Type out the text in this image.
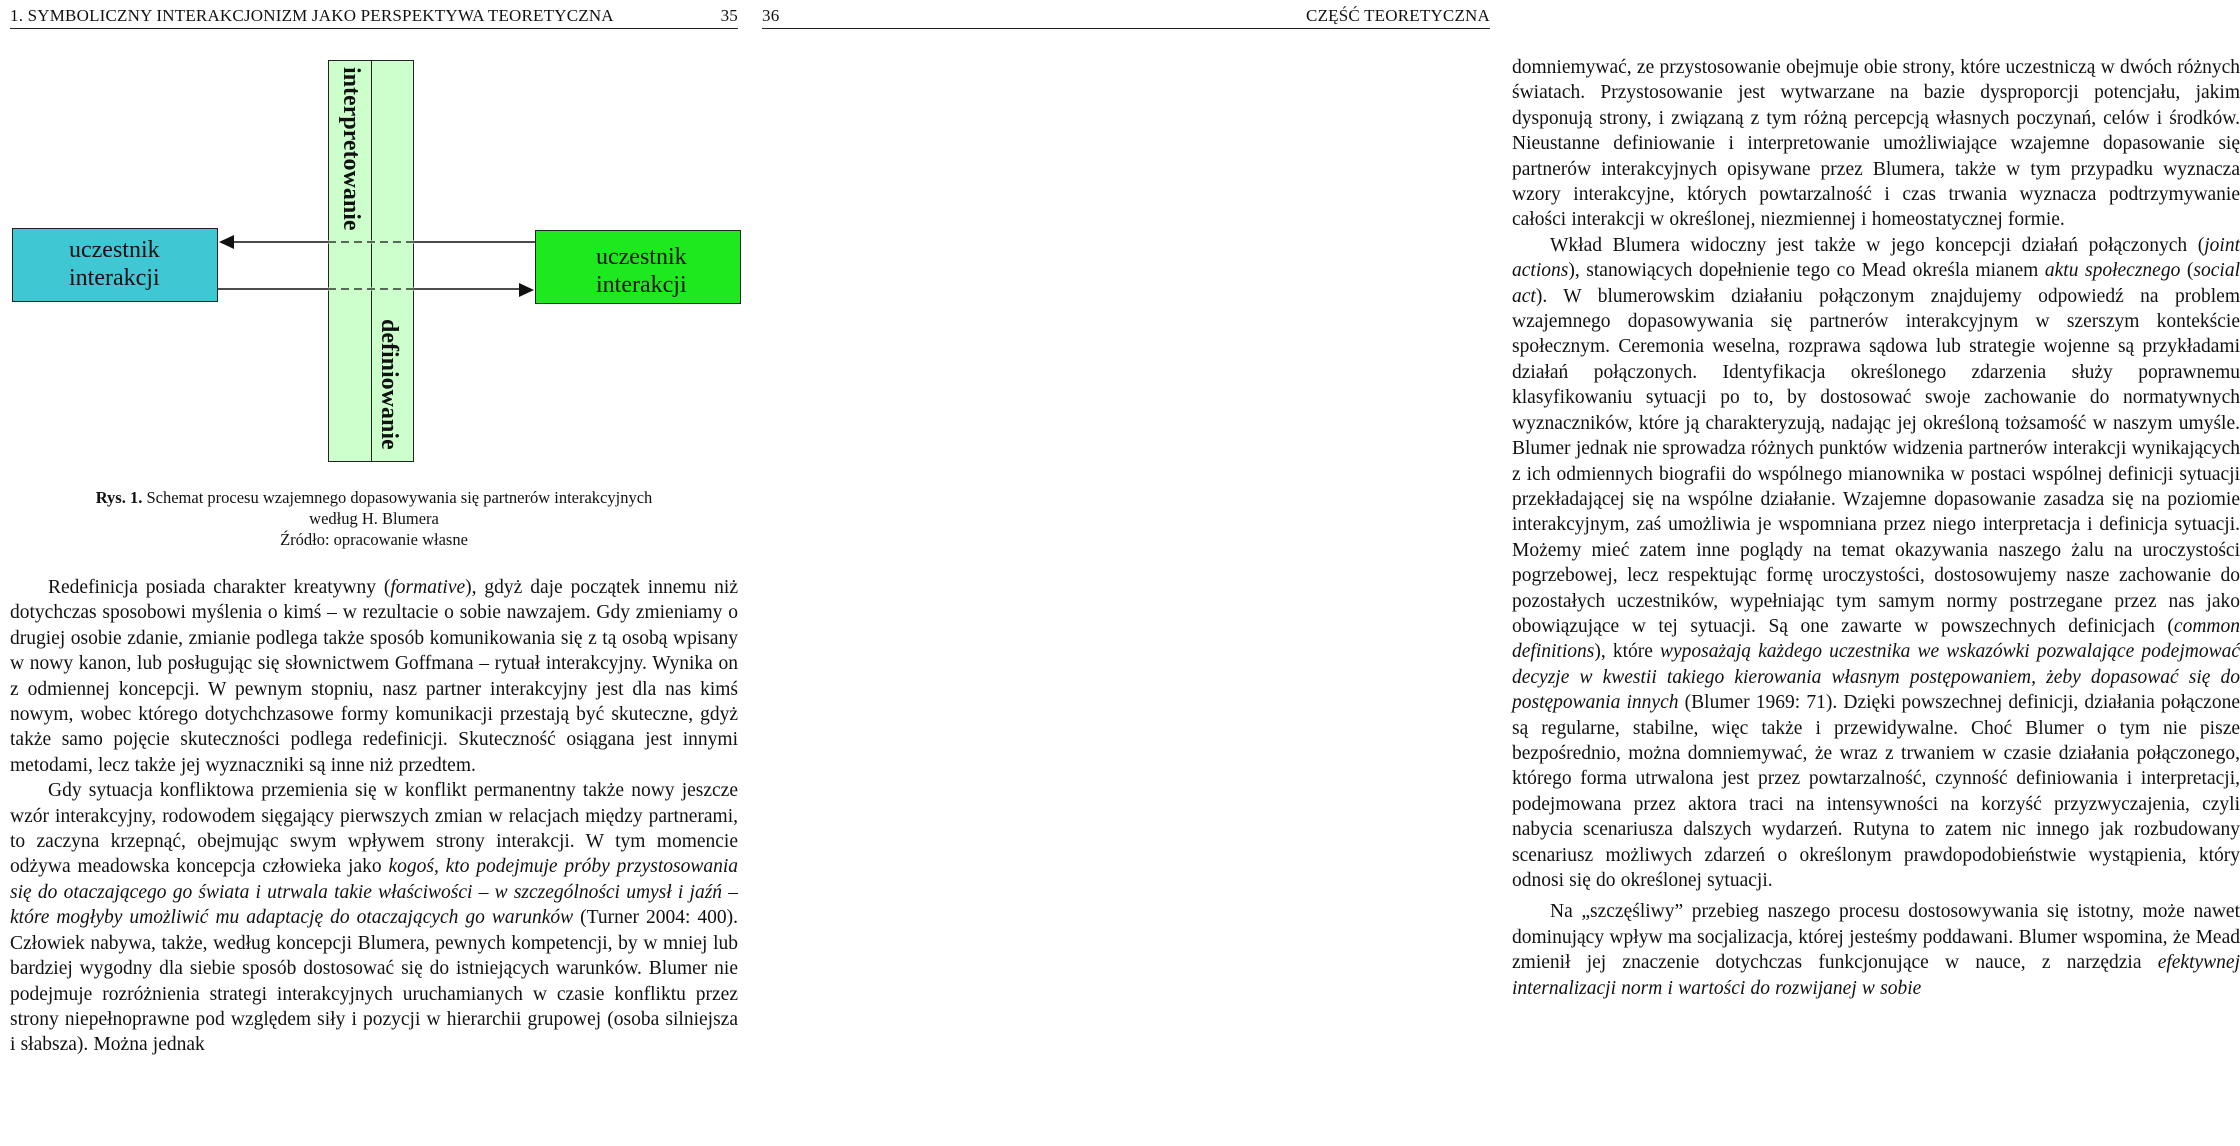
1. SYMBOLICZNY INTERAKCJONIZM JAKO PERSPEKTYWA TEORETYCZNA	35
interpretowanie
definiowanie
uczestnik interakcji
uczestnik interakcji
Rys. 1. Schemat procesu wzajemnego dopasowywania się partnerów interakcyjnych
według H. Blumera
Źródło: opracowanie własne

Redefinicja posiada charakter kreatywny (formative), gdyż daje początek innemu niż dotychczas sposobowi myślenia o kimś – w rezultacie o sobie nawzajem. Gdy zmieniamy o drugiej osobie zdanie, zmianie podlega także sposób komunikowania się z tą osobą wpisany w nowy kanon, lub posługując się słownictwem Goffmana – rytuał interakcyjny. Wynika on z odmiennej koncepcji. W pewnym stopniu, nasz partner interakcyjny jest dla nas kimś nowym, wobec którego dotychchzasowe formy komunikacji przestają być skuteczne, gdyż także samo pojęcie skuteczności podlega redefinicji. Skuteczność osiągana jest innymi metodami, lecz także jej wyznaczniki są inne niż przedtem.

Gdy sytuacja konfliktowa przemienia się w konflikt permanentny także nowy jeszcze wzór interakcyjny, rodowodem sięgający pierwszych zmian w relacjach między partnerami, to zaczyna krzepnąć, obejmując swym wpływem strony interakcji. W tym momencie odżywa meadowska koncepcja człowieka jako kogoś, kto podejmuje próby przystosowania się do otaczającego go świata i utrwala takie właściwości – w szczególności umysł i jaźń – które mogłyby umożliwić mu adaptację do otaczających go warunków (Turner 2004: 400). Człowiek nabywa, także, według koncepcji Blumera, pewnych kompetencji, by w mniej lub bardziej wygodny dla siebie sposób dostosować się do istniejących warunków. Blumer nie podejmuje rozróżnienia strategi interakcyjnych uruchamianych w czasie konfliktu przez strony niepełnoprawne pod względem siły i pozycji w hierarchii grupowej (osoba silniejsza i słabsza). Można jednak

36	CZĘŚĆ TEORETYCZNA

domniemywać, ze przystosowanie obejmuje obie strony, które uczestniczą w dwóch różnych światach. Przystosowanie jest wytwarzane na bazie dysproporcji potencjału, jakim dysponują strony, i związaną z tym różną percepcją własnych poczynań, celów i środków. Nieustanne definiowanie i interpretowanie umożliwiające wzajemne dopasowanie się partnerów interakcyjnych opisywane przez Blumera, także w tym przypadku wyznacza wzory interakcyjne, których powtarzalność i czas trwania wyznacza podtrzymywanie całości interakcji w określonej, niezmiennej i homeostatycznej formie.

Wkład Blumera widoczny jest także w jego koncepcji działań połączonych (joint actions), stanowiących dopełnienie tego co Mead określa mianem aktu społecznego (social act). W blumerowskim działaniu połączonym znajdujemy odpowiedź na problem wzajemnego dopasowywania się partnerów interakcyjnym w szerszym kontekście społecznym. Ceremonia weselna, rozprawa sądowa lub strategie wojenne są przykładami działań połączonych. Identyfikacja określonego zdarzenia służy poprawnemu klasyfikowaniu sytuacji po to, by dostosować swoje zachowanie do normatywnych wyznaczników, które ją charakteryzują, nadając jej określoną tożsamość w naszym umyśle. Blumer jednak nie sprowadza różnych punktów widzenia partnerów interakcji wynikających z ich odmiennych biografii do wspólnego mianownika w postaci wspólnej definicji sytuacji przekładającej się na wspólne działanie. Wzajemne dopasowanie zasadza się na poziomie interakcyjnym, zaś umożliwia je wspomniana przez niego interpretacja i definicja sytuacji. Możemy mieć zatem inne poglądy na temat okazywania naszego żalu na uroczystości pogrzebowej, lecz respektując formę uroczystości, dostosowujemy nasze zachowanie do pozostałych uczestników, wypełniając tym samym normy postrzegane przez nas jako obowiązujące w tej sytuacji. Są one zawarte w powszechnych definicjach (common definitions), które wyposażają każdego uczestnika we wskazówki pozwalające podejmować decyzje w kwestii takiego kierowania własnym postępowaniem, żeby dopasować się do postępowania innych (Blumer 1969: 71). Dzięki powszechnej definicji, działania połączone są regularne, stabilne, więc także i przewidywalne. Choć Blumer o tym nie pisze bezpośrednio, można domniemywać, że wraz z trwaniem w czasie działania połączonego, którego forma utrwalona jest przez powtarzalność, czynność definiowania i interpretacji, podejmowana przez aktora traci na intensywności na korzyść przyzwyczajenia, czyli nabycia scenariusza dalszych wydarzeń. Rutyna to zatem nic innego jak rozbudowany scenariusz możliwych zdarzeń o określonym prawdopodobieństwie wystąpienia, który odnosi się do określonej sytuacji.

Na „szczęśliwy” przebieg naszego procesu dostosowywania się istotny, może nawet dominujący wpływ ma socjalizacja, której jesteśmy poddawani. Blumer wspomina, że Mead zmienił jej znaczenie dotychczas funkcjonujące w nauce, z narzędzia efektywnej internalizacji norm i wartości do rozwijanej w sobie
